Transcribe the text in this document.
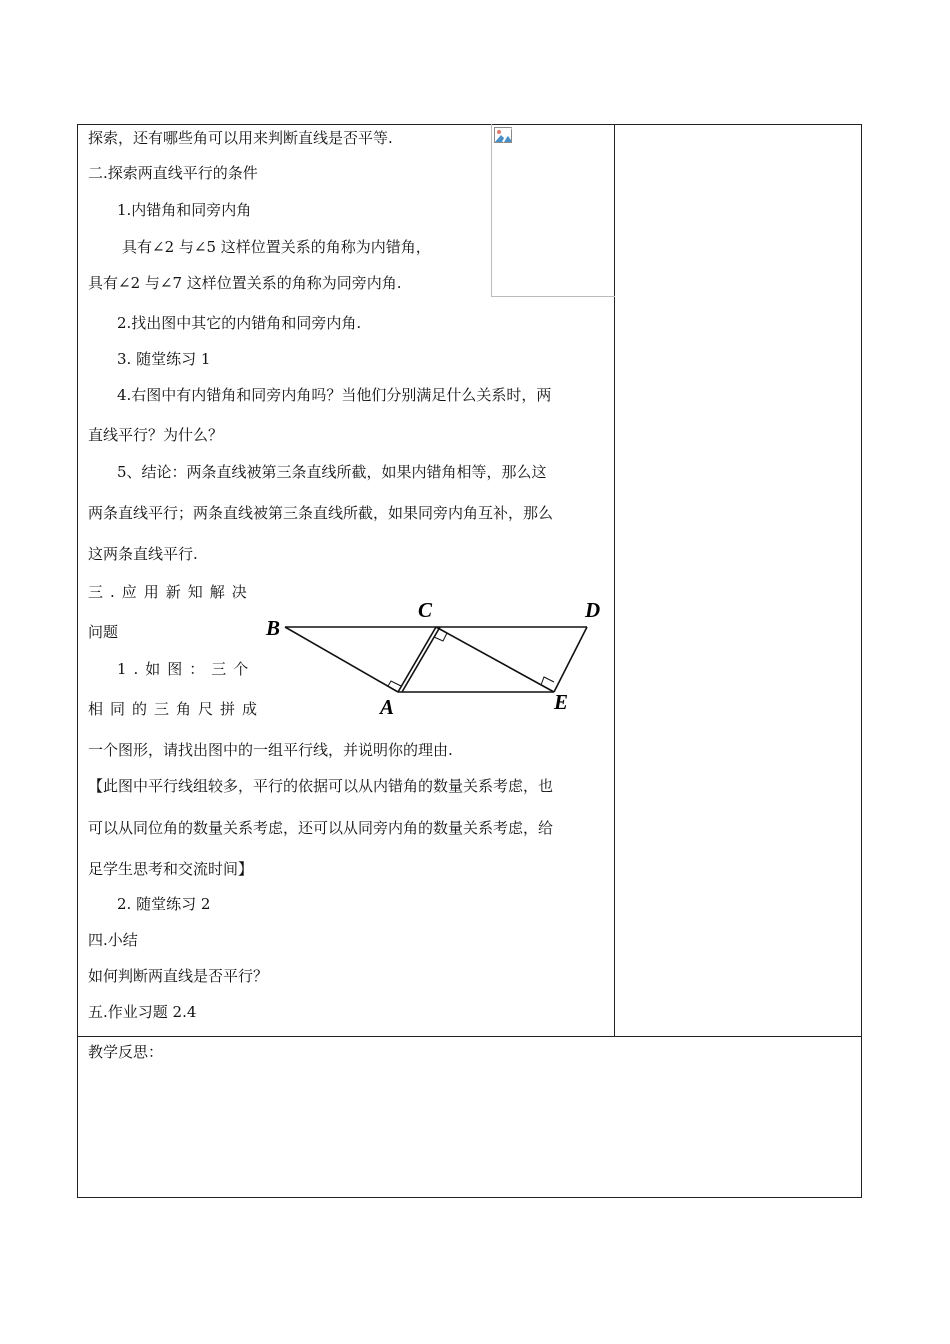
探索，还有哪些角可以用来判断直线是否平等.
二.探索两直线平行的条件
1.内错角和同旁内角
具有∠2 与∠5 这样位置关系的角称为内错角，
具有∠2 与∠7 这样位置关系的角称为同旁内角.
2.找出图中其它的内错角和同旁内角.
3. 随堂练习 1
4.右图中有内错角和同旁内角吗？当他们分别满足什么关系时，两
直线平行？为什么？
5、结论：两条直线被第三条直线所截，如果内错角相等，那么这
两条直线平行；两条直线被第三条直线所截，如果同旁内角互补，那么
这两条直线平行.
三.应用新知解决
问题
1.如图：三个
相同的三角尺拼成
一个图形，请找出图中的一组平行线，并说明你的理由.
【此图中平行线组较多，平行的依据可以从内错角的数量关系考虑，也
可以从同位角的数量关系考虑，还可以从同旁内角的数量关系考虑，给
足学生思考和交流时间】
2. 随堂练习 2
四.小结
如何判断两直线是否平行？
五.作业习题 2.4
教学反思：
B
C	D
A	E
